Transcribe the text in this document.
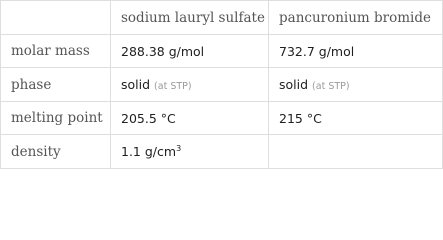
	sodium lauryl sulfate	pancuronium bromide
molar mass	288.38 g/mol	732.7 g/mol
phase	solid (at STP)	solid (at STP)
melting point	205.5 °C	215 °C
density	1.1 $g/cm^3$	
